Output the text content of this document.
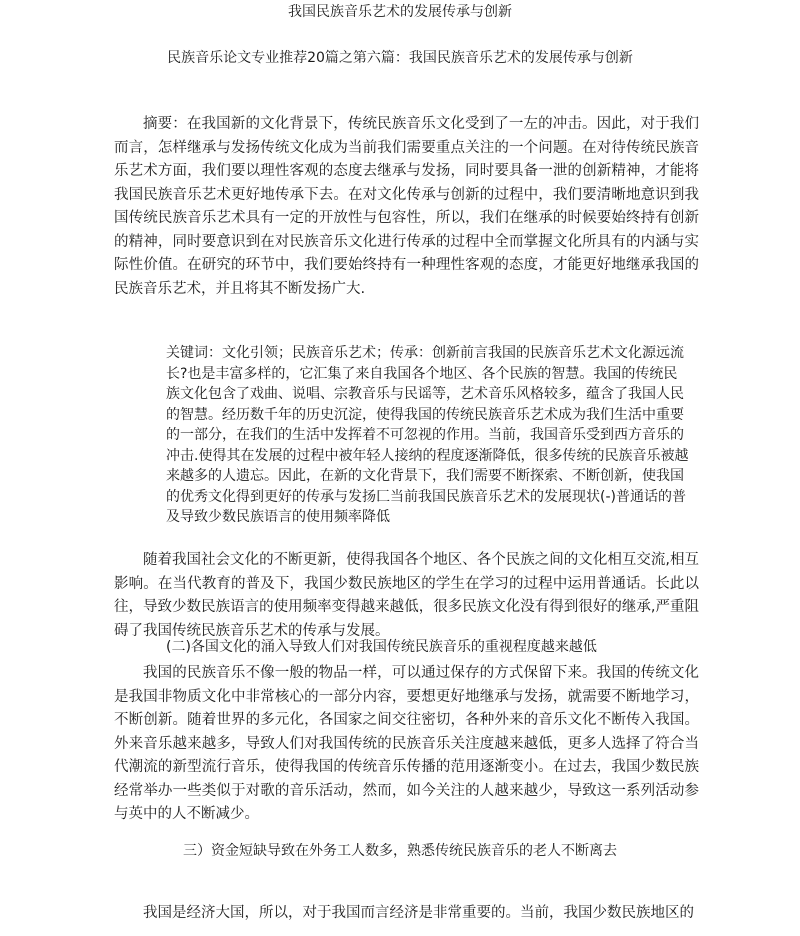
我国民族音乐艺术的发展传承与创新

民族音乐论文专业推荐20篇之第六篇：我国民族音乐艺术的发展传承与创新

摘要：在我国新的文化背景下，传统民族音乐文化受到了一左的冲击。因此，对于我们而言，怎样继承与发扬传统文化成为当前我们需要重点关注的一个问题。在对待传统民族音乐艺术方面，我们要以理性客观的态度去继承与发扬，同时要具备一泄的创新精神，才能将我国民族音乐艺术更好地传承下去。在对文化传承与创新的过程中，我们要清晰地意识到我国传统民族音乐艺术具有一定的开放性与包容性，所以，我们在继承的时候要始终持有创新的精神，同时要意识到在对民族音乐文化进行传承的过程中全而掌握文化所具有的内涵与实际性价值。在研究的环节中，我们要始终持有一种理性客观的态度，才能更好地继承我国的民族音乐艺术，并且将其不断发扬广大.

关键词：文化引领；民族音乐艺术；传承：创新前言我国的民族音乐艺术文化源远流长?也是丰富多样的，它汇集了来自我国各个地区、各个民族的智慧。我国的传统民族文化包含了戏曲、说唱、宗教音乐与民谣等，艺术音乐风格较多，蕴含了我国人民的智慧。经历数千年的历史沉淀，使得我国的传统民族音乐艺术成为我们生活中重要的一部分，在我们的生活中发挥着不可忽视的作用。当前，我国音乐受到西方音乐的冲击.使得其在发展的过程中被年轻人接纳的程度逐渐降低，很多传统的民族音乐被越来越多的人遗忘。因此，在新的文化背景下，我们需要不断探索、不断创新，使我国的优秀文化得到更好的传承与发扬匚当前我国民族音乐艺术的发展现状(-)普通话的普及导致少数民族语言的使用频率降低

随着我国社会文化的不断更新，使得我国各个地区、各个民族之间的文化相互交流,相互影响。在当代教育的普及下，我国少数民族地区的学生在学习的过程中运用普通话。长此以往，导致少数民族语言的使用频率变得越来越低，很多民族文化没有得到很好的继承,严重阻碍了我国传统民族音乐艺术的传承与发展。

(二)各国文化的涌入导致人们对我国传统民族音乐的重视程度越来越低

我国的民族音乐不像一般的物品一样，可以通过保存的方式保留下来。我国的传统文化是我国非物质文化中非常核心的一部分内容，要想更好地继承与发扬，就需要不断地学习，不断创新。随着世界的多元化，各国家之间交往密切，各种外来的音乐文化不断传入我国。外来音乐越来越多，导致人们对我国传统的民族音乐关注度越来越低，更多人选择了符合当代潮流的新型流行音乐，使得我国的传统音乐传播的范用逐渐变小。在过去，我国少数民族经常举办一些类似于对歌的音乐活动，然而，如今关注的人越来越少，导致这一系列活动参与英中的人不断减少。

三）资金短缺导致在外务工人数多，熟悉传统民族音乐的老人不断离去

我国是经济大国，所以，对于我国而言经济是非常重要的。当前，我国少数民族地区的
